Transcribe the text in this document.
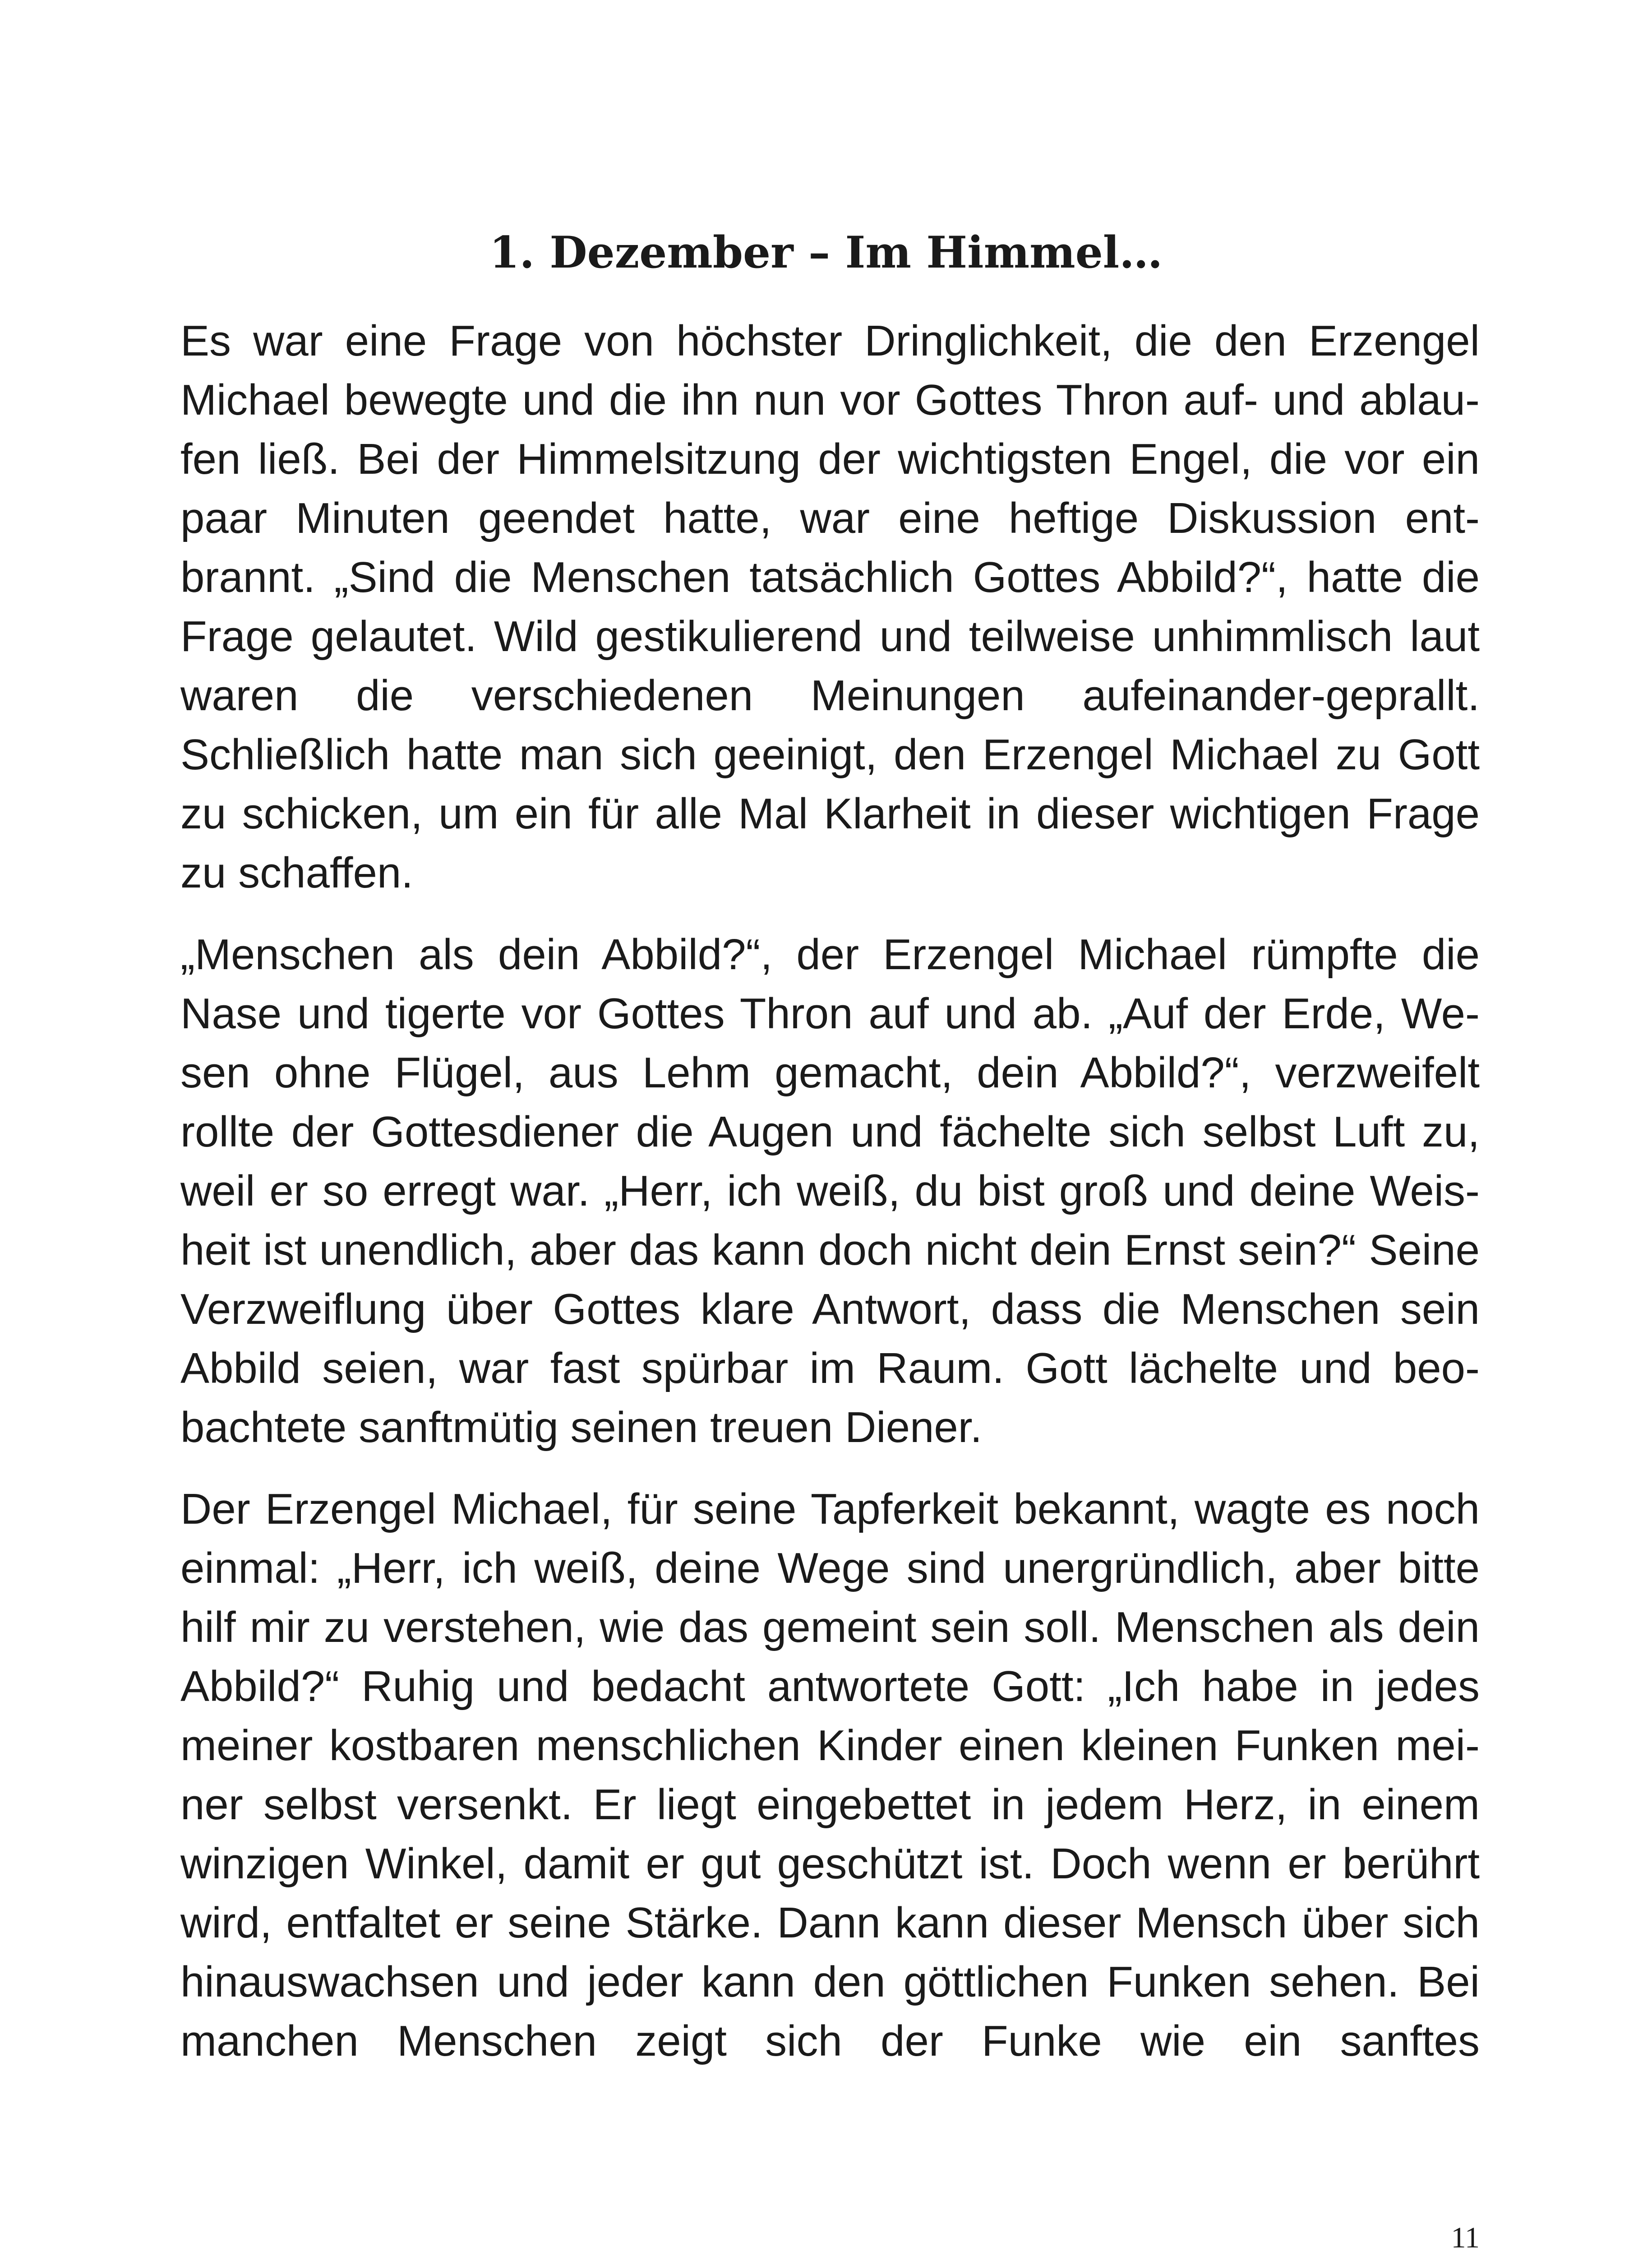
1. Dezember – Im Himmel…
Es war eine Frage von höchster Dringlichkeit, die den Erzengel
Michael bewegte und die ihn nun vor Gottes Thron auf- und ablau-
fen ließ. Bei der Himmelsitzung der wichtigsten Engel, die vor ein
paar Minuten geendet hatte, war eine heftige Diskussion ent-
brannt. „Sind die Menschen tatsächlich Gottes Abbild?“, hatte die
Frage gelautet. Wild gestikulierend und teilweise unhimmlisch laut
waren die verschiedenen Meinungen aufeinander-geprallt.
Schließlich hatte man sich geeinigt, den Erzengel Michael zu Gott
zu schicken, um ein für alle Mal Klarheit in dieser wichtigen Frage
zu schaffen.
„Menschen als dein Abbild?“, der Erzengel Michael rümpfte die
Nase und tigerte vor Gottes Thron auf und ab. „Auf der Erde, We-
sen ohne Flügel, aus Lehm gemacht, dein Abbild?“, verzweifelt
rollte der Gottesdiener die Augen und fächelte sich selbst Luft zu,
weil er so erregt war. „Herr, ich weiß, du bist groß und deine Weis-
heit ist unendlich, aber das kann doch nicht dein Ernst sein?“ Seine
Verzweiflung über Gottes klare Antwort, dass die Menschen sein
Abbild seien, war fast spürbar im Raum. Gott lächelte und beo-
bachtete sanftmütig seinen treuen Diener.
Der Erzengel Michael, für seine Tapferkeit bekannt, wagte es noch
einmal: „Herr, ich weiß, deine Wege sind unergründlich, aber bitte
hilf mir zu verstehen, wie das gemeint sein soll. Menschen als dein
Abbild?“ Ruhig und bedacht antwortete Gott: „Ich habe in jedes
meiner kostbaren menschlichen Kinder einen kleinen Funken mei-
ner selbst versenkt. Er liegt eingebettet in jedem Herz, in einem
winzigen Winkel, damit er gut geschützt ist. Doch wenn er berührt
wird, entfaltet er seine Stärke. Dann kann dieser Mensch über sich
hinauswachsen und jeder kann den göttlichen Funken sehen. Bei
manchen Menschen zeigt sich der Funke wie ein sanftes
11
